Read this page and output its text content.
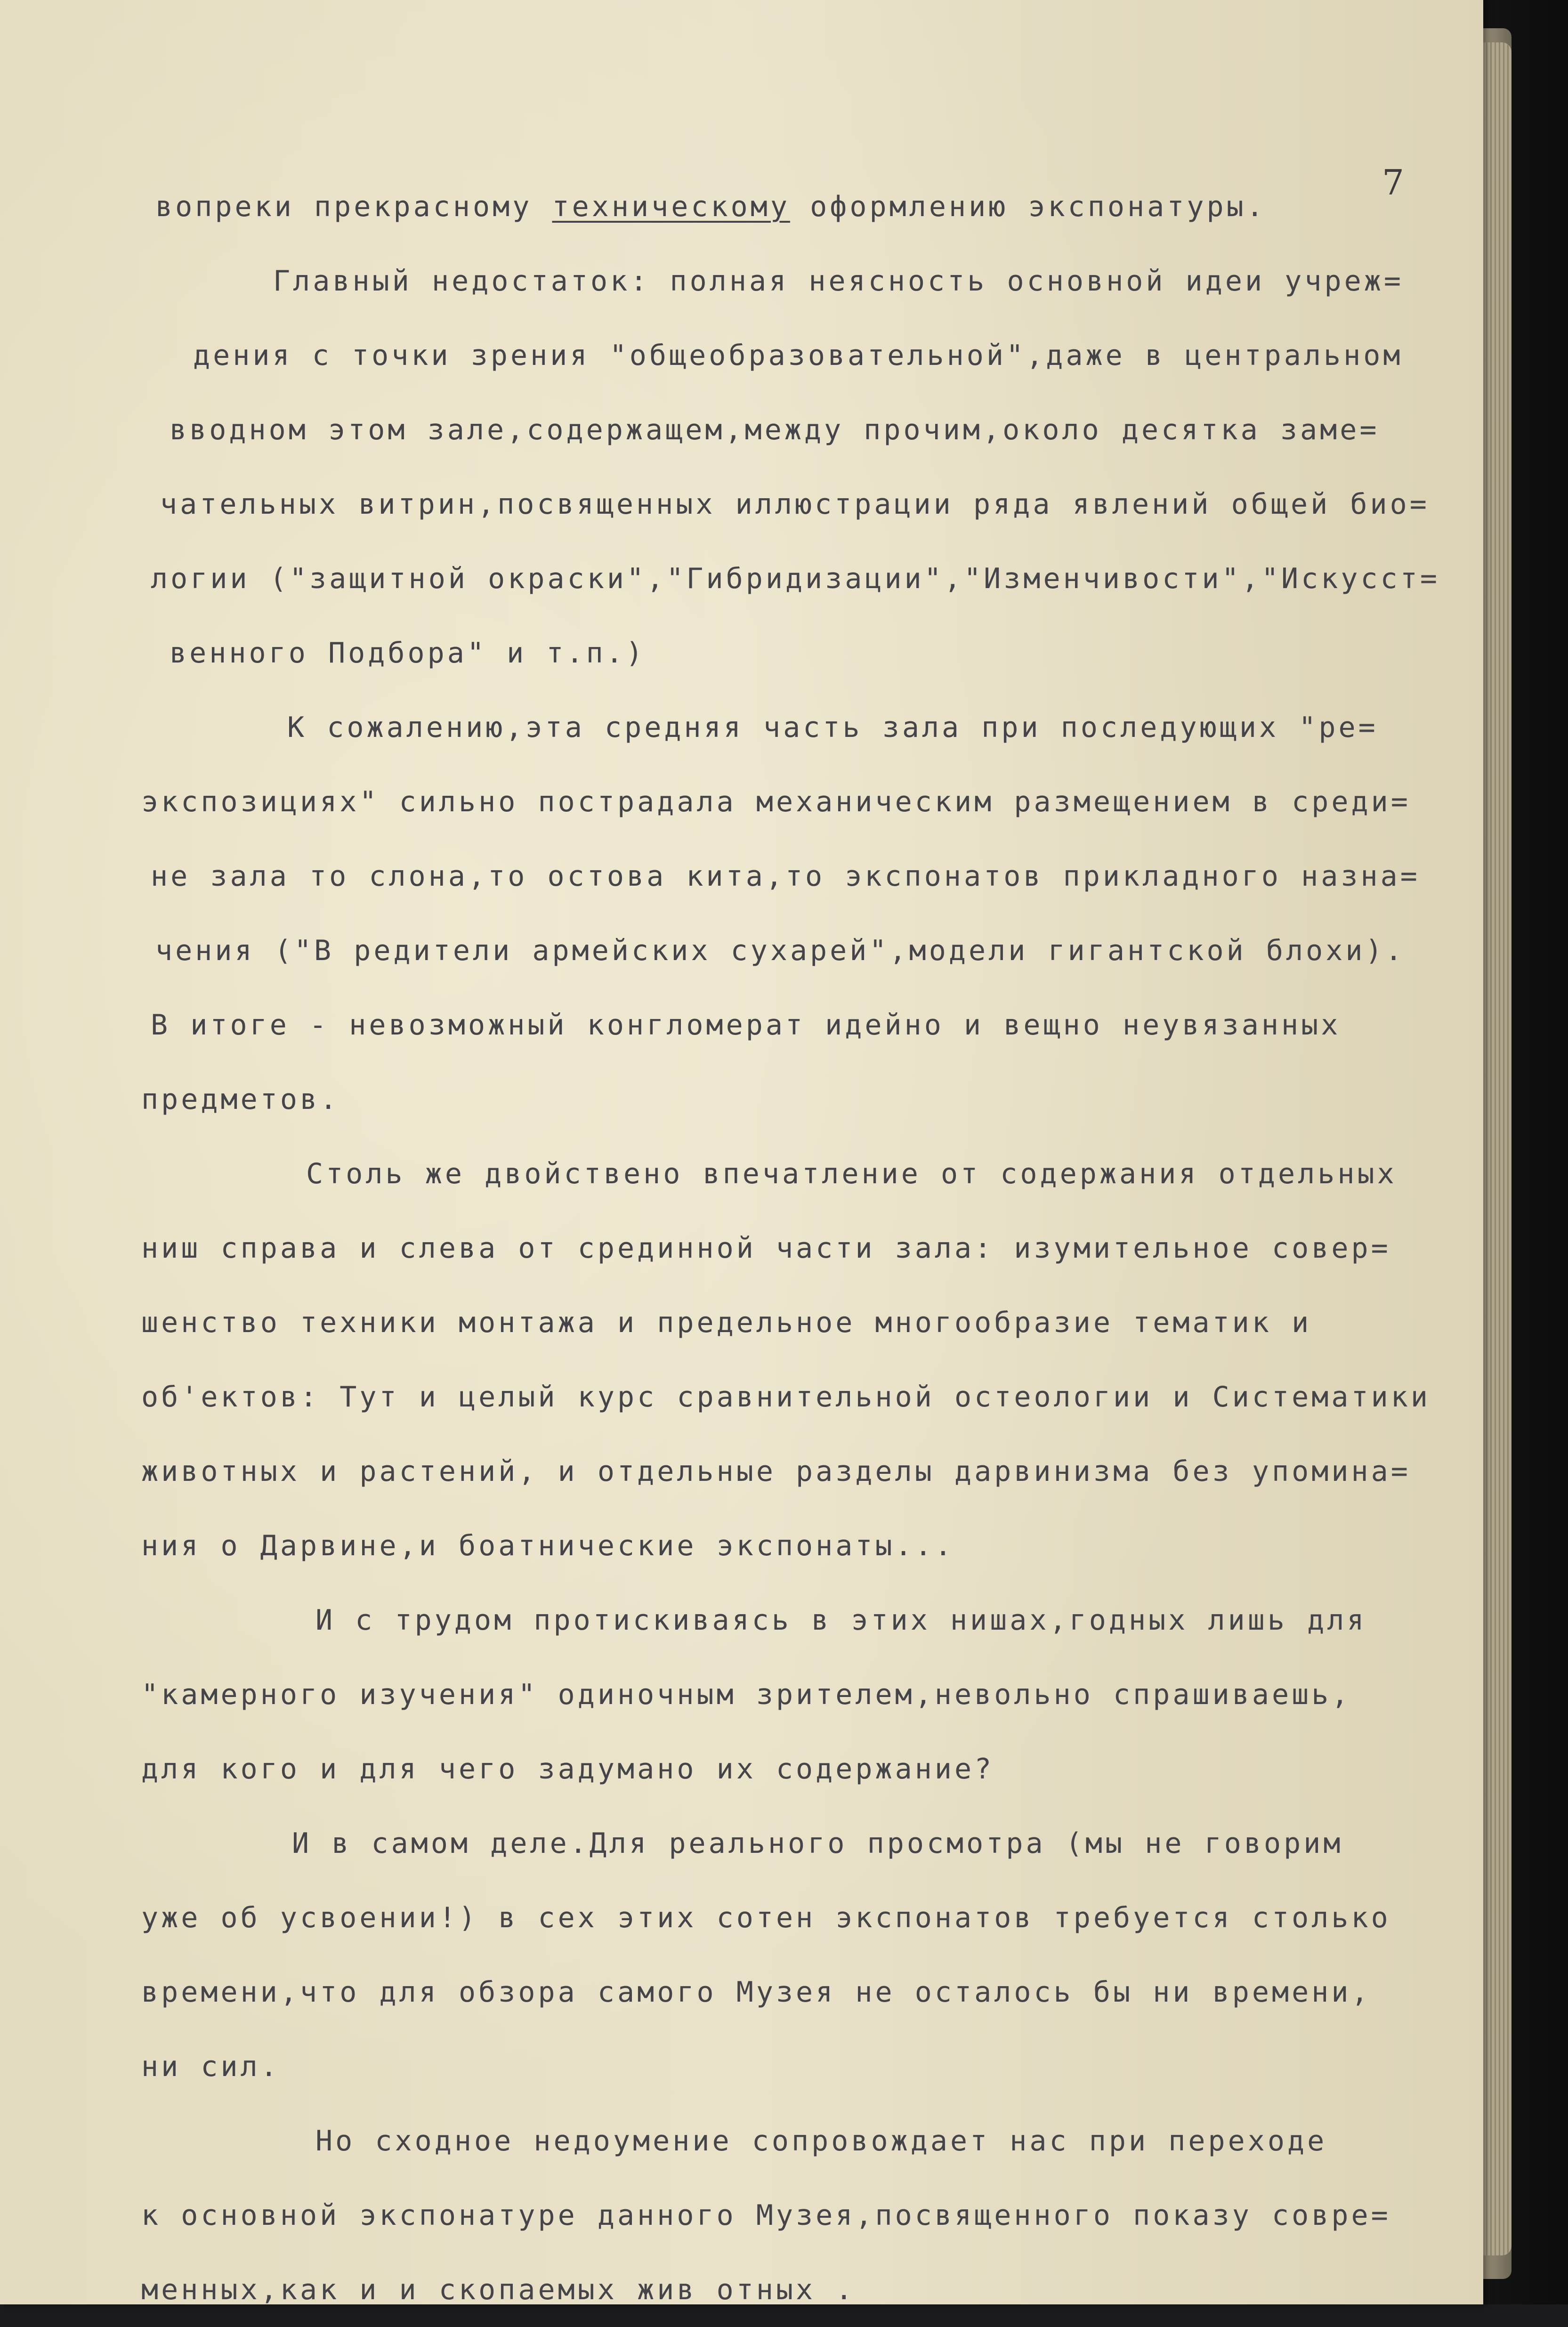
7
вопреки прекрасному техническому оформлению экспонатуры.
Главный недостаток: полная неясность основной идеи учреж=
дения с точки зрения "общеобразовательной",даже в центральном
вводном этом зале,содержащем,между прочим,около десятка заме=
чательных витрин,посвященных иллюстрации ряда явлений общей био=
логии ("защитной окраски","Гибридизации","Изменчивости","Искусст=
венного Подбора" и т.п.)
К сожалению,эта средняя часть зала при последующих "ре=
экспозициях" сильно пострадала механическим размещением в среди=
не зала то слона,то остова кита,то экспонатов прикладного назна=
чения ("В редители армейских сухарей",модели гигантской блохи).
В итоге - невозможный конгломерат идейно и вещно неувязанных
предметов.
Столь же двойствено впечатление от содержания отдельных
ниш справа и слева от срединной части зала: изумительное совер=
шенство техники монтажа и предельное многообразие тематик и
об'ектов: Тут и целый курс сравнительной остеологии и Систематики
животных и растений, и отдельные разделы дарвинизма без упомина=
ния о Дарвине,и боатнические экспонаты...
И с трудом протискиваясь в этих нишах,годных лишь для
"камерного изучения" одиночным зрителем,невольно спрашиваешь,
для кого и для чего задумано их содержание?
И в самом деле.Для реального просмотра (мы не говорим
уже об усвоении!) в сех этих сотен экспонатов требуется столько
времени,что для обзора самого Музея не осталось бы ни времени,
ни сил.
Но сходное недоумение сопровождает нас при переходе
к основной экспонатуре данного Музея,посвященного показу совре=
менных,как и и скопаемых жив отных .
